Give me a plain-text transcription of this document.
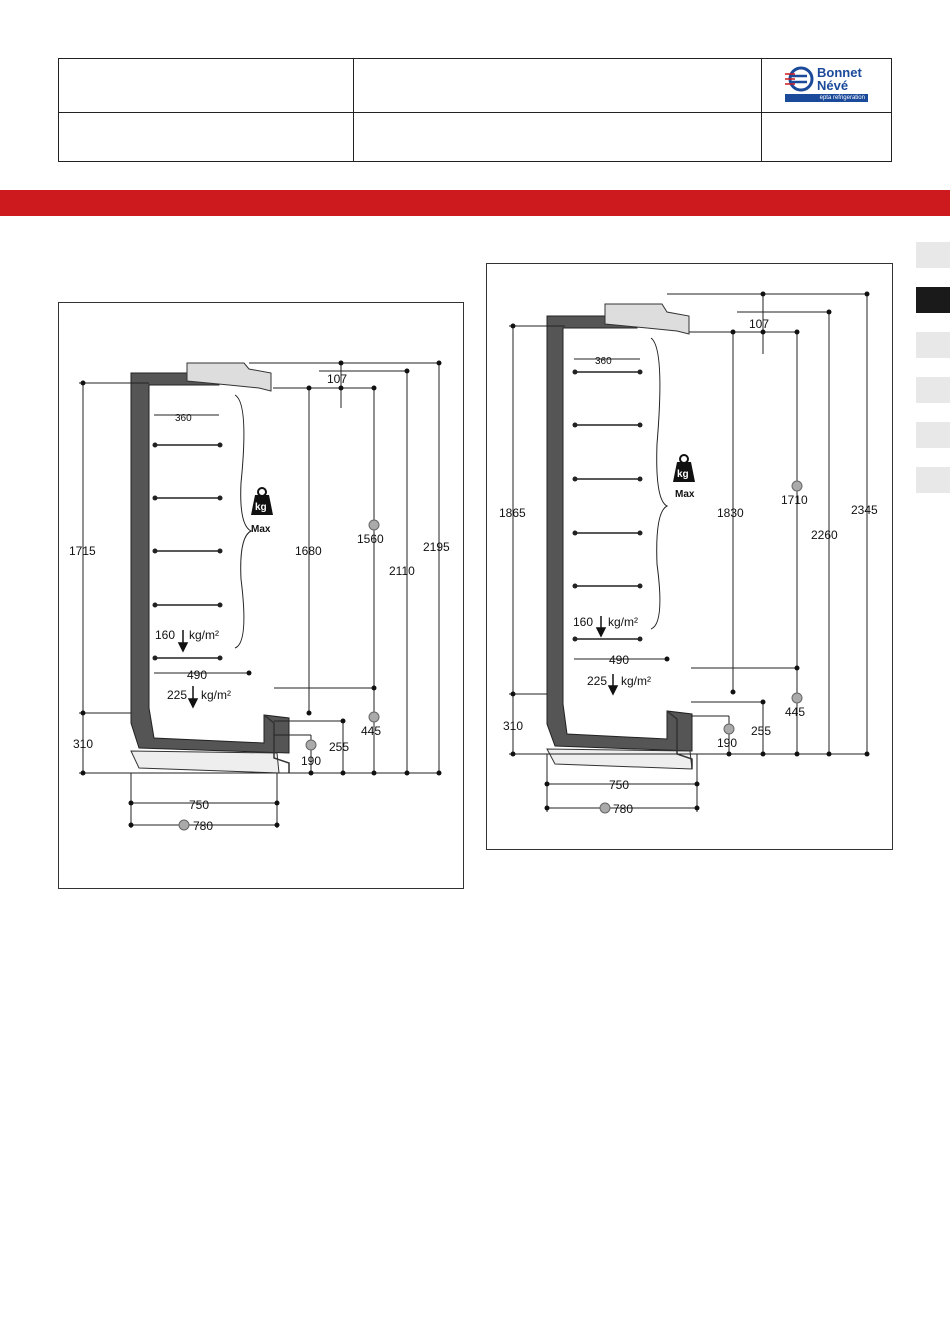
Bonnet
Névé
epta refrigeration
kg
Max
107
360
1715	1680
1560
2110
2195
310
190
255
445
750
780
490
160 kg/m²
225 kg/m²
kg
Max
107
360
1865	1830
1710
2260
2345
310
190
255
445
750
780
490
160 kg/m²
225 kg/m²
